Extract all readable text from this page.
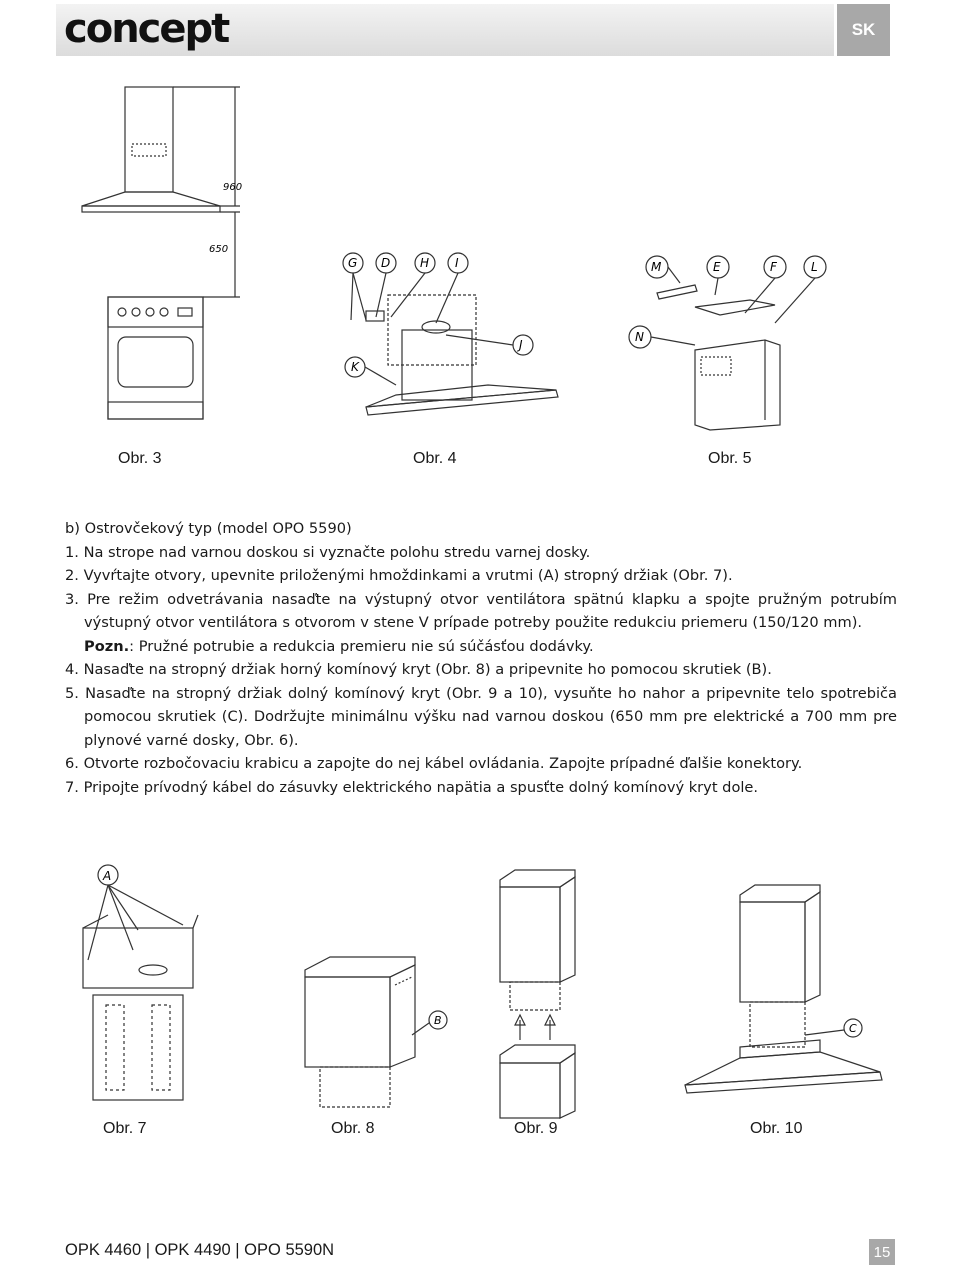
concept	SK
960
650
G D H I
J
K
M	E	F	L
N
Obr. 3	Obr. 4	Obr. 5
b) Ostrovčekový typ (model OPO 5590)
1. Na strope nad varnou doskou si vyznačte polohu stredu varnej dosky.
2. Vyvŕtajte otvory, upevnite priloženými hmoždinkami a vrutmi (A) stropný držiak (Obr. 7).
3. Pre režim odvetrávania nasaďte na výstupný otvor ventilátora spätnú klapku a spojte pružným potrubím
výstupný otvor ventilátora s otvorom v stene V prípade potreby použite redukciu priemeru (150/120 mm).
Pozn.: Pružné potrubie a redukcia premieru nie sú súčásťou dodávky.
4. Nasaďte na stropný držiak horný komínový kryt (Obr. 8) a pripevnite ho pomocou skrutiek (B).
5. Nasaďte na stropný držiak dolný komínový kryt (Obr. 9 a 10), vysuňte ho nahor a pripevnite telo spotrebiča
pomocou skrutiek (C). Dodržujte minimálnu výšku nad varnou doskou (650 mm pre elektrické a 700 mm pre
plynové varné dosky, Obr. 6).
6. Otvorte rozbočovaciu krabicu a zapojte do nej kábel ovládania. Zapojte prípadné ďalšie konektory.
7. Pripojte prívodný kábel do zásuvky elektrického napätia a spusťte dolný komínový kryt dole.
A
B
C
Obr. 7	Obr. 8	Obr. 9	Obr. 10
OPK 4460 | OPK 4490 | OPO 5590N	15
